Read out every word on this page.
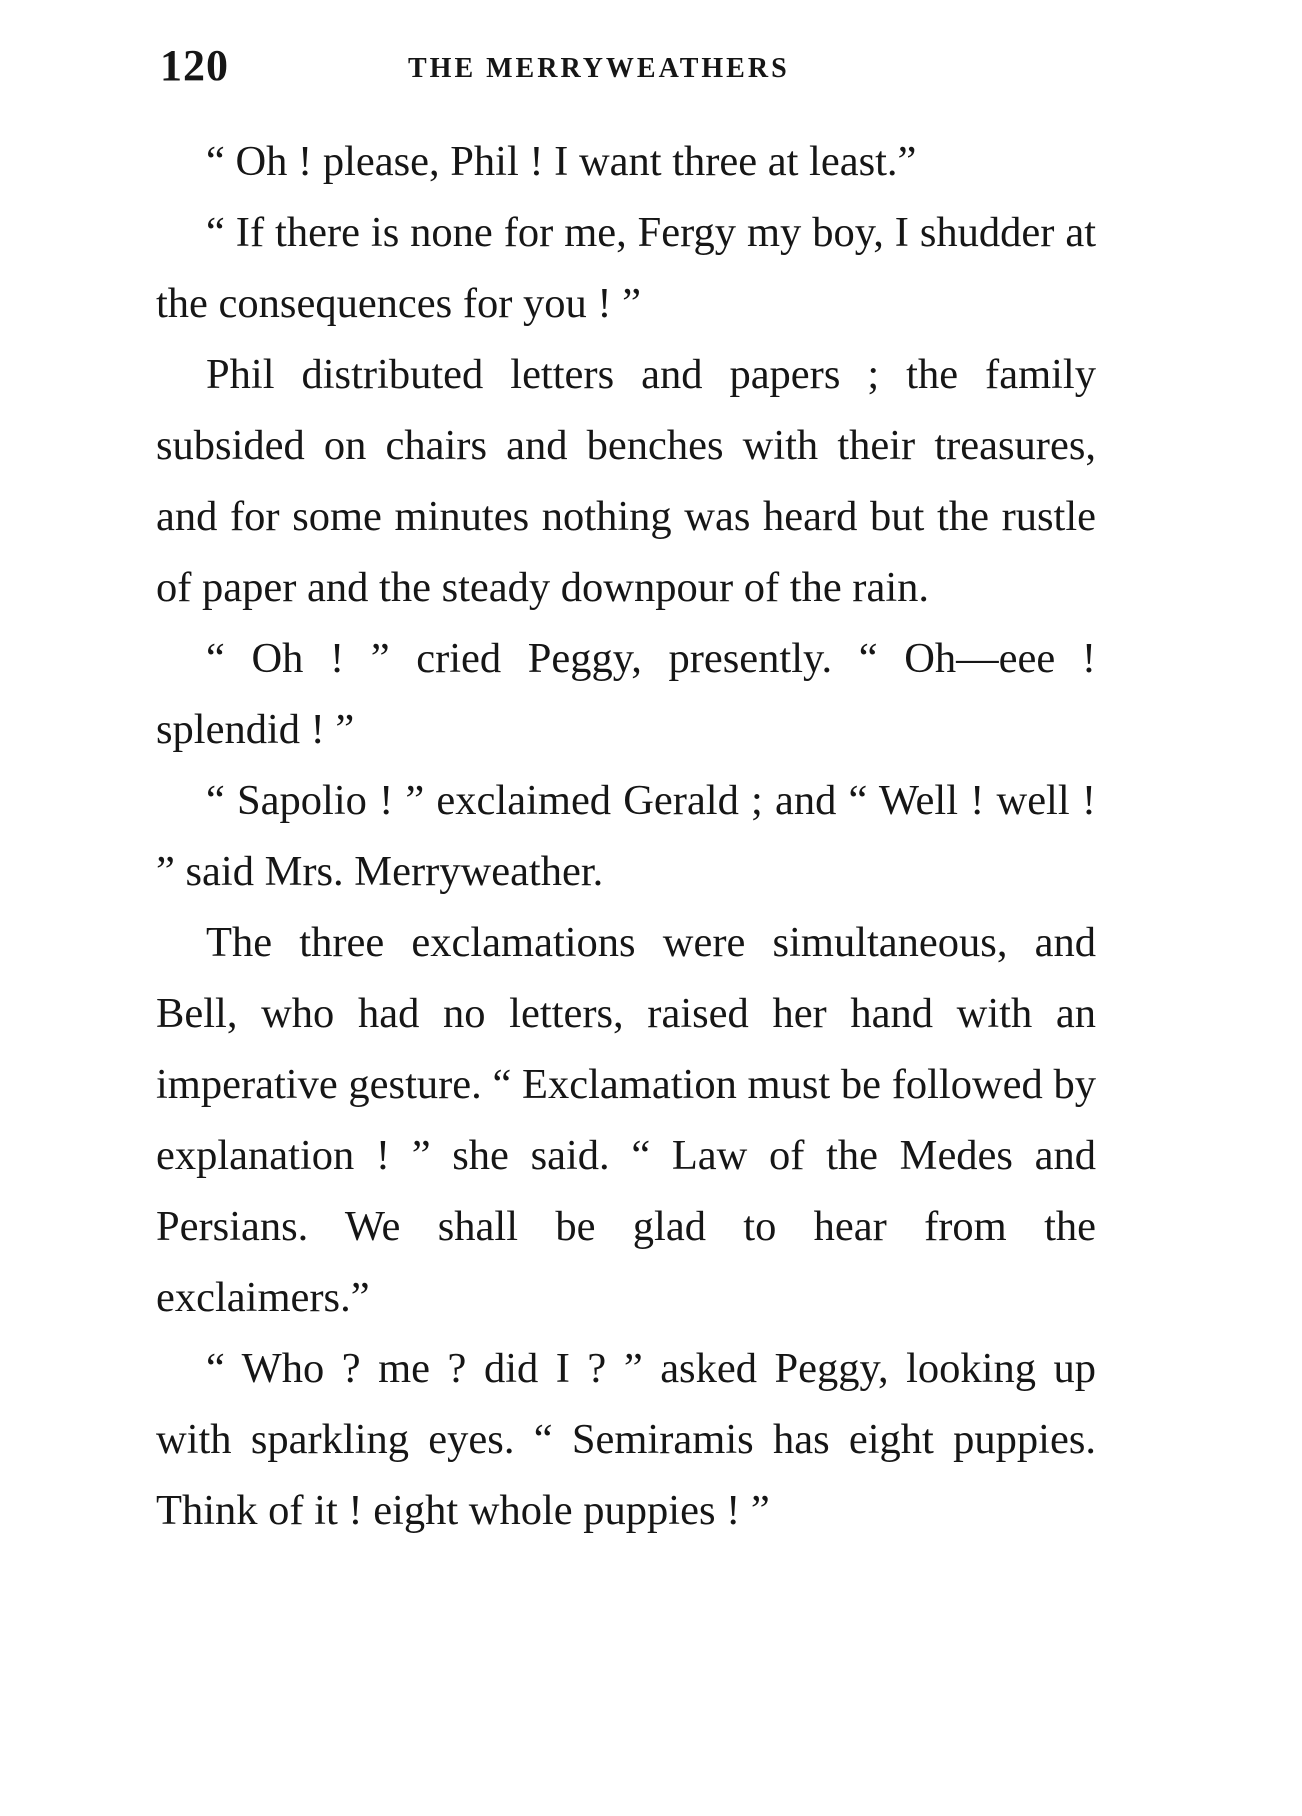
120	THE MERRYWEATHERS

“ Oh ! please, Phil ! I want three at least.”

“ If there is none for me, Fergy my boy, I shudder at the consequences for you ! ”

Phil distributed letters and papers ; the family subsided on chairs and benches with their treasures, and for some minutes nothing was heard but the rustle of paper and the steady downpour of the rain.

“ Oh ! ” cried Peggy, presently. “ Oh—eee ! splendid ! ”

“ Sapolio ! ” exclaimed Gerald ; and “ Well ! well ! ” said Mrs. Merryweather.

The three exclamations were simultaneous, and Bell, who had no letters, raised her hand with an imperative gesture. “ Exclamation must be followed by explanation ! ” she said. “ Law of the Medes and Persians. We shall be glad to hear from the exclaimers.”

“ Who ? me ? did I ? ” asked Peggy, looking up with sparkling eyes. “ Semiramis has eight puppies. Think of it ! eight whole puppies ! ”
